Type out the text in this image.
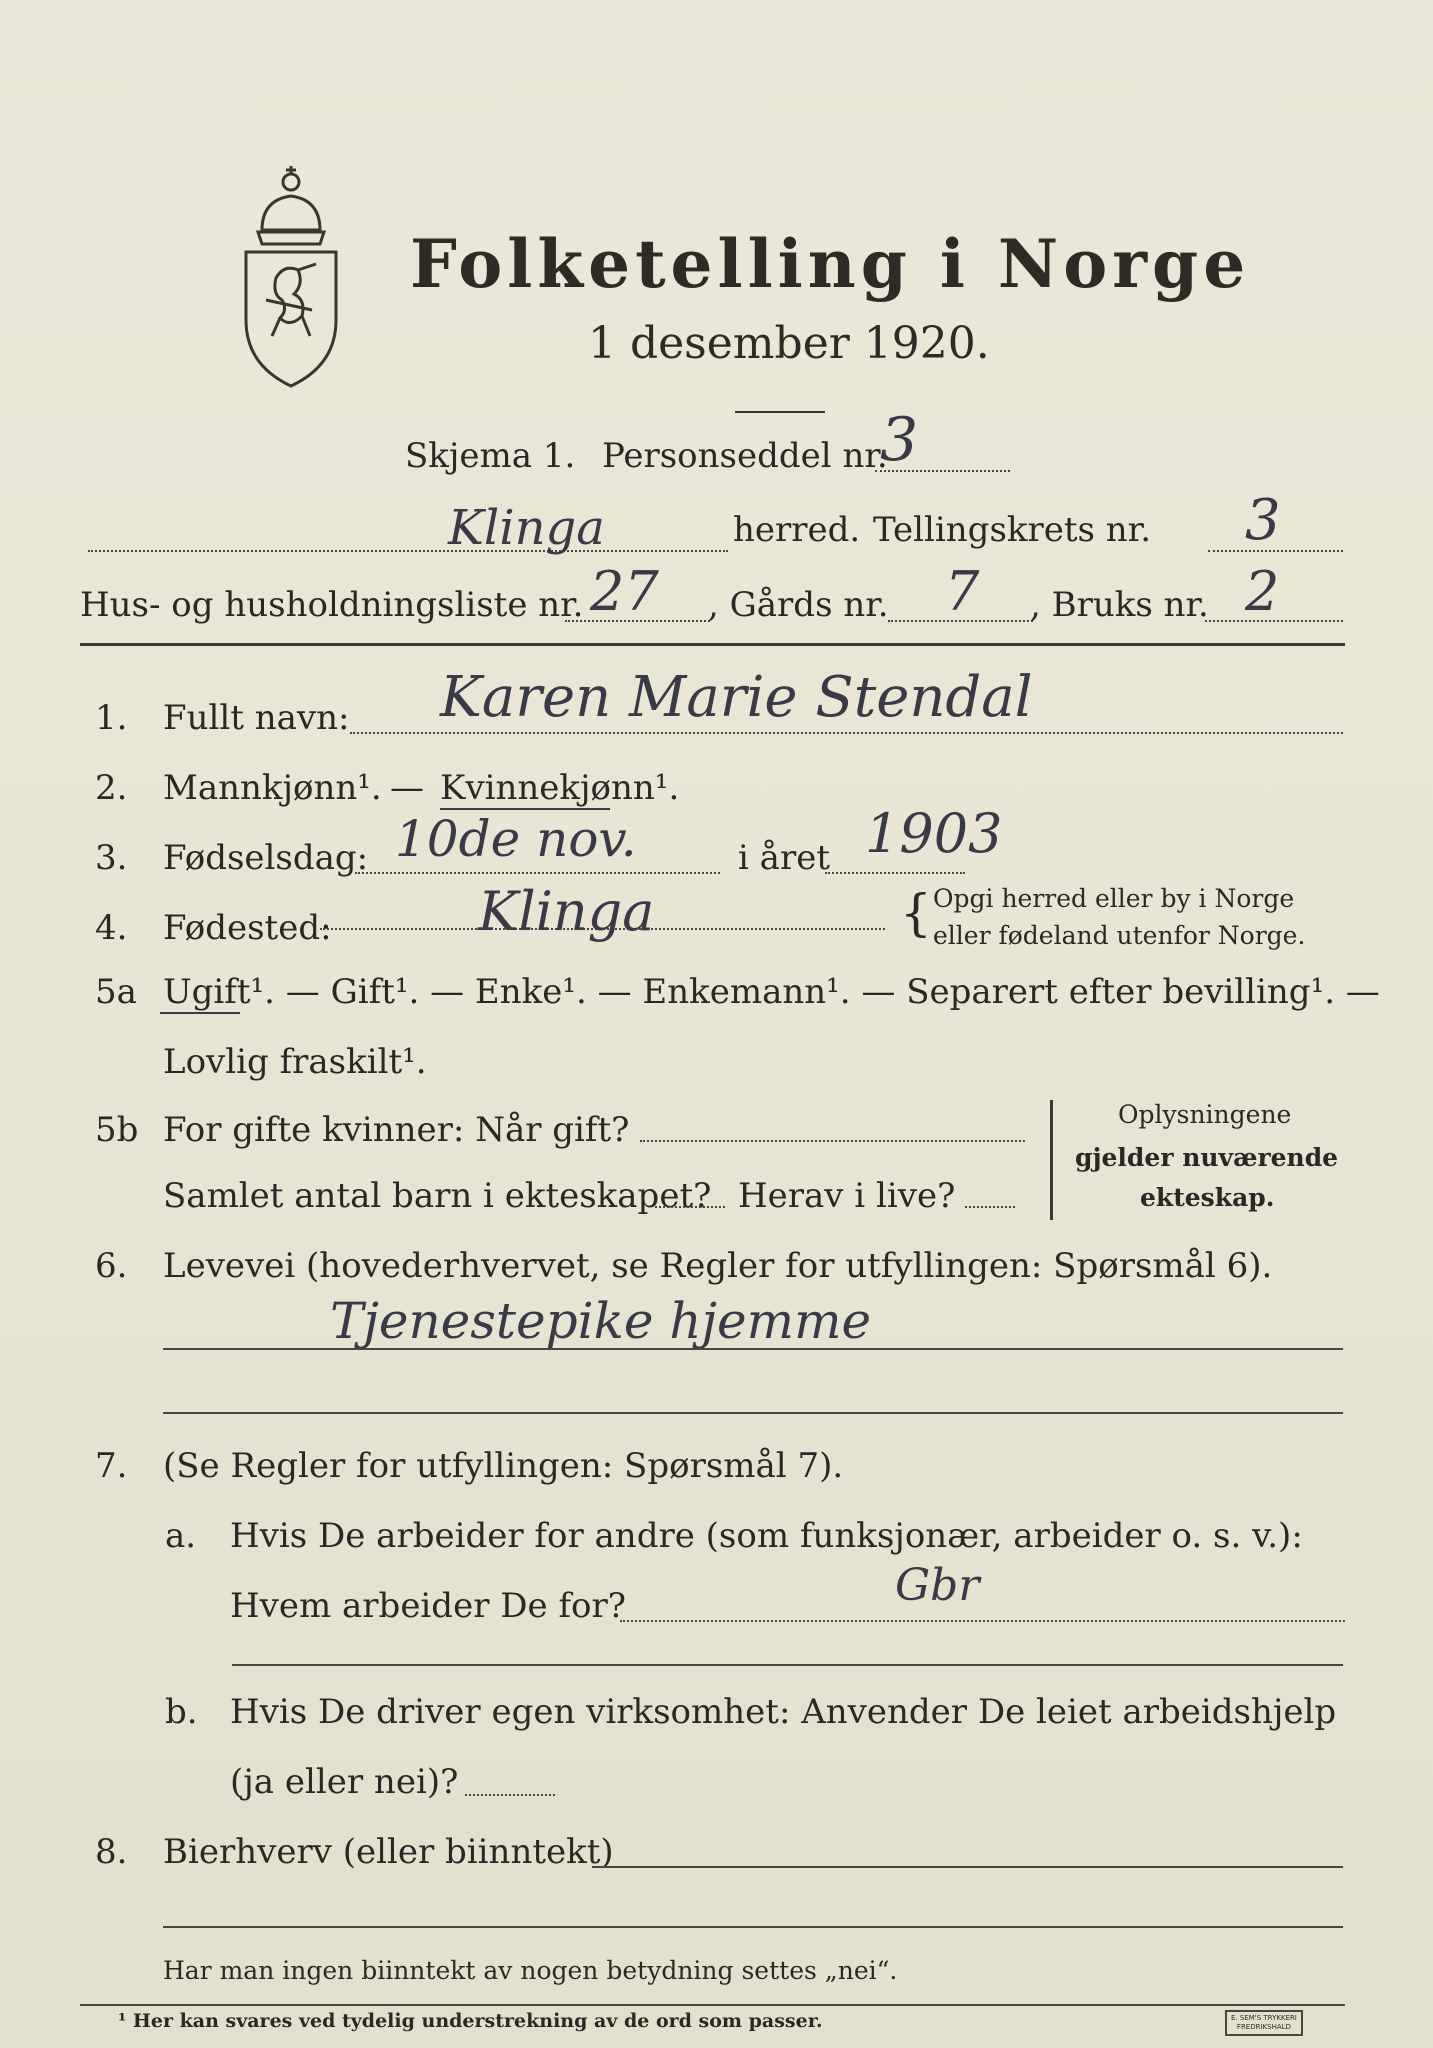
Folketelling i Norge
1 desember 1920.
Skjema 1. Personseddel nr.
3
Klinga	herred. Tellingskrets nr. 3
Hus- og husholdningsliste nr. 27 , Gårds nr. 7 , Bruks nr. 2
1. Fullt navn: Karen Marie Stendal
2. Mannkjønn¹. — Kvinnekjønn¹.
3. Fødselsdag: 10de nov.	i året 1903
4. Fødested:	Klinga	{ Opgi herred eller by i Norge
eller fødeland utenfor Norge.
5a Ugift¹. — Gift¹. — Enke¹. — Enkemann¹. — Separert efter bevilling¹. —
Lovlig fraskilt¹.
5b For gifte kvinner: Når gift?
Samlet antal barn i ekteskapet? Herav i live?
Oplysningene
gjelder nuværende
ekteskap.
6. Levevei (hovederhvervet, se Regler for utfyllingen: Spørsmål 6).
Tjenestepike hjemme
7. (Se Regler for utfyllingen: Spørsmål 7).
a. Hvis De arbeider for andre (som funksjonær, arbeider o. s. v.):
Hvem arbeider De for?	Gbr
b. Hvis De driver egen virksomhet: Anvender De leiet arbeidshjelp
(ja eller nei)?
8. Bierhverv (eller biinntekt)
Har man ingen biinntekt av nogen betydning settes „nei“.
¹ Her kan svares ved tydelig understrekning av de ord som passer.	E. SEM'S TRYKKERI
FREDRIKSHALD
